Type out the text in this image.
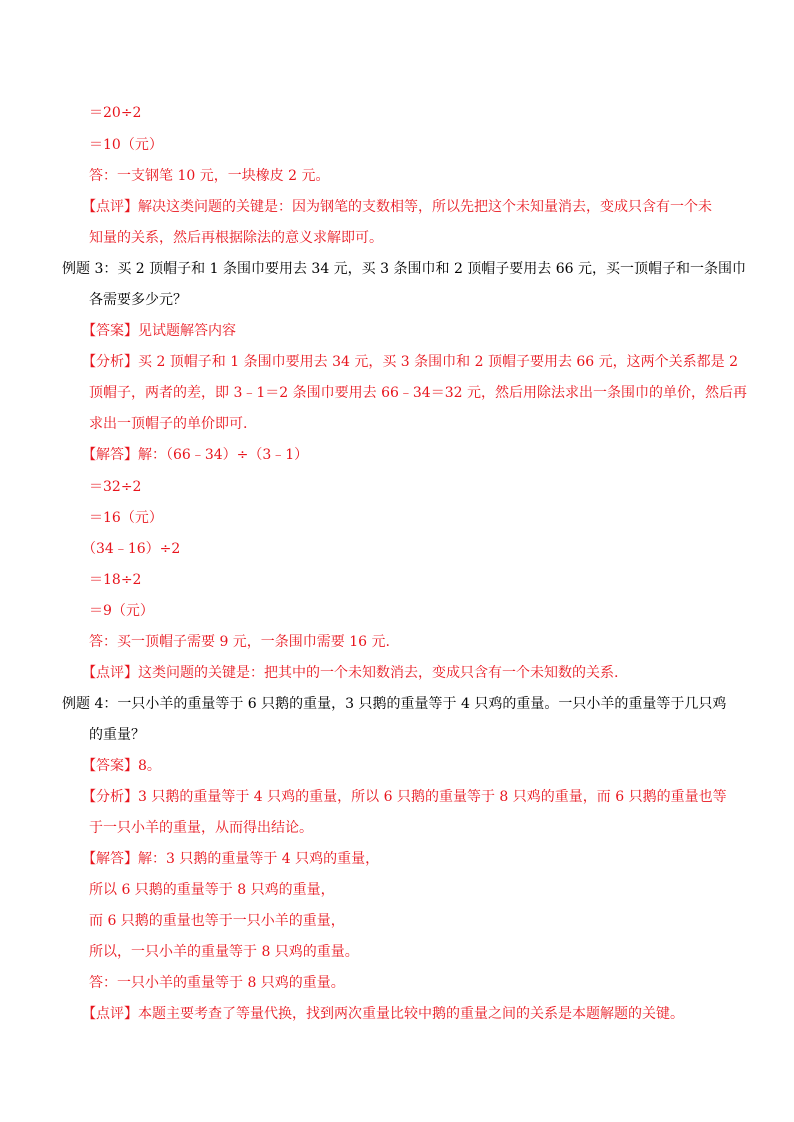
＝20÷2
＝10（元）
答：一支钢笔 10 元，一块橡皮 2 元。
【点评】解决这类问题的关键是：因为钢笔的支数相等，所以先把这个未知量消去，变成只含有一个未
知量的关系，然后再根据除法的意义求解即可。
例题 3：买 2 顶帽子和 1 条围巾要用去 34 元，买 3 条围巾和 2 顶帽子要用去 66 元，买一顶帽子和一条围巾
各需要多少元？
【答案】见试题解答内容
【分析】买 2 顶帽子和 1 条围巾要用去 34 元，买 3 条围巾和 2 顶帽子要用去 66 元，这两个关系都是 2
顶帽子，两者的差，即 3﹣1＝2 条围巾要用去 66﹣34＝32 元，然后用除法求出一条围巾的单价，然后再
求出一顶帽子的单价即可.
【解答】解：（66﹣34）÷（3﹣1）
＝32÷2
＝16（元）
（34﹣16）÷2
＝18÷2
＝9（元）
答：买一顶帽子需要 9 元，一条围巾需要 16 元.
【点评】这类问题的关键是：把其中的一个未知数消去，变成只含有一个未知数的关系.
例题 4：一只小羊的重量等于 6 只鹅的重量，3 只鹅的重量等于 4 只鸡的重量。一只小羊的重量等于几只鸡
的重量？
【答案】8。
【分析】3 只鹅的重量等于 4 只鸡的重量，所以 6 只鹅的重量等于 8 只鸡的重量，而 6 只鹅的重量也等
于一只小羊的重量，从而得出结论。
【解答】解：3 只鹅的重量等于 4 只鸡的重量，
所以 6 只鹅的重量等于 8 只鸡的重量，
而 6 只鹅的重量也等于一只小羊的重量，
所以，一只小羊的重量等于 8 只鸡的重量。
答：一只小羊的重量等于 8 只鸡的重量。
【点评】本题主要考查了等量代换，找到两次重量比较中鹅的重量之间的关系是本题解题的关键。
